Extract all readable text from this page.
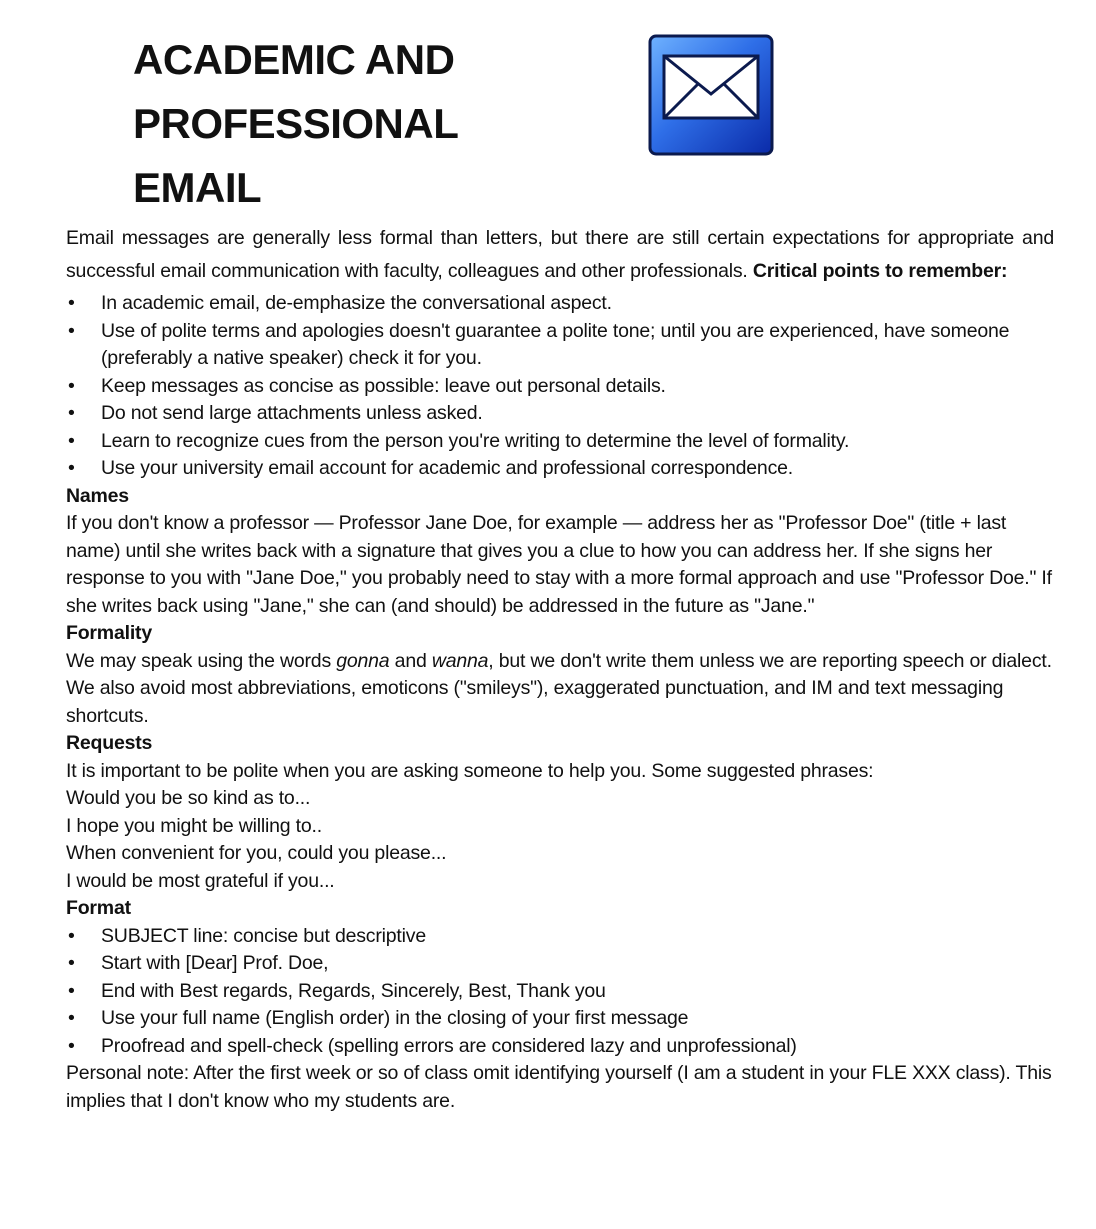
ACADEMIC AND
PROFESSIONAL
EMAIL

Email messages are generally less formal than letters, but there are still certain expectations for appropriate and successful email communication with faculty, colleagues and other professionals. Critical points to remember:

• In academic email, de-emphasize the conversational aspect.
• Use of polite terms and apologies doesn't guarantee a polite tone; until you are experienced, have someone (preferably a native speaker) check it for you.
• Keep messages as concise as possible: leave out personal details.
• Do not send large attachments unless asked.
• Learn to recognize cues from the person you're writing to determine the level of formality.
• Use your university email account for academic and professional correspondence.

Names

If you don't know a professor — Professor Jane Doe, for example — address her as "Professor Doe" (title + last name) until she writes back with a signature that gives you a clue to how you can address her. If she signs her response to you with "Jane Doe," you probably need to stay with a more formal approach and use "Professor Doe." If she writes back using "Jane," she can (and should) be addressed in the future as "Jane."

Formality

We may speak using the words gonna and wanna, but we don't write them unless we are reporting speech or dialect. We also avoid most abbreviations, emoticons ("smileys"), exaggerated punctuation, and IM and text messaging shortcuts.

Requests

It is important to be polite when you are asking someone to help you. Some suggested phrases:

Would you be so kind as to...

I hope you might be willing to..

When convenient for you, could you please...

I would be most grateful if you...

Format

• SUBJECT line: concise but descriptive
• Start with [Dear] Prof. Doe,
• End with Best regards, Regards, Sincerely, Best, Thank you
• Use your full name (English order) in the closing of your first message
• Proofread and spell-check (spelling errors are considered lazy and unprofessional)

Personal note: After the first week or so of class omit identifying yourself (I am a student in your FLE XXX class). This implies that I don't know who my students are.
